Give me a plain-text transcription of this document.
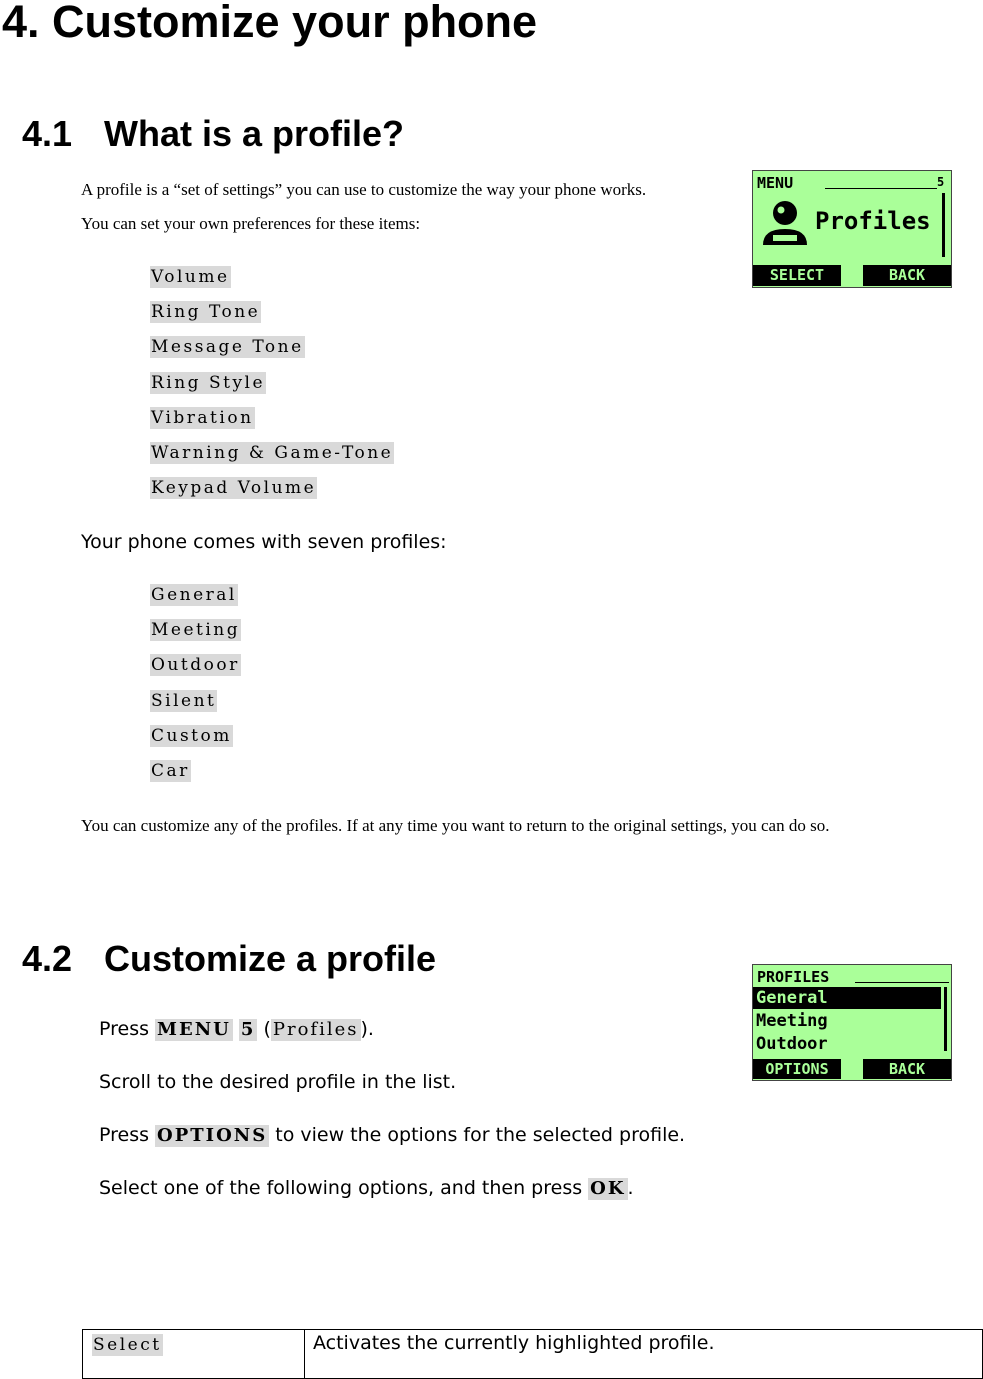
4. Customize your phone
4.1 What is a profile?
A profile is a “set of settings” you can use to customize the way your phone works.
You can set your own preferences for these items:
Volume
Ring Tone
Message Tone
Ring Style
Vibration
Warning & Game-Tone
Keypad Volume
Your phone comes with seven profiles:
General
Meeting
Outdoor
Silent
Custom
Car
You can customize any of the profiles. If at any time you want to return to the original settings, you can do so.
MENU	5
Profiles
SELECT	BACK
4.2 Customize a profile
Press MENU 5 ( Profiles ).
Scroll to the desired profile in the list.
Press OPTIONS to view the options for the selected profile.
Select one of the following options, and then press OK .
PROFILES
General
Meeting
Outdoor
OPTIONS	BACK
Select	Activates the currently highlighted profile.
